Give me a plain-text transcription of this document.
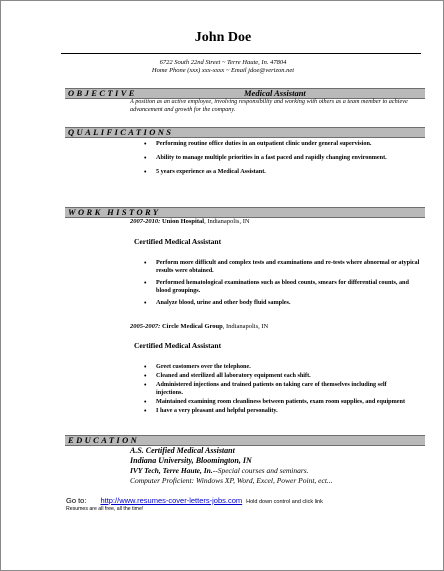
John Doe
6722 South 22nd Street ~ Terre Haute, In. 47804
Home Phone (xxx) xxx-xxxx ~ Email jdoe@verizon.net
OBJECTIVE	Medical Assistant
A position as an active employee, involving responsibility and working with others as a team member to achieve advancement and growth for the company.
QUALIFICATIONS
• Performing routine office duties in an outpatient clinic under general supervision.
• Ability to manage multiple priorities in a fast paced and rapidly changing environment.
• 5 years experience as a Medical Assistant.
WORK HISTORY
2007-2010: Union Hospital, Indianapolis, IN
Certified Medical Assistant
• Perform more difficult and complex tests and examinations and re-tests where abnormal or atypical results were obtained.
• Performed hematological examinations such as blood counts, smears for differential counts, and blood groupings.
• Analyze blood, urine and other body fluid samples.
2005-2007: Circle Medical Group, Indianapolis, IN
Certified Medical Assistant
• Greet customers over the telephone.
• Cleaned and sterilized all laboratory equipment each shift.
• Administered injections and trained patients on taking care of themselves including self injections.
• Maintained examining room cleanliness between patients, exam room supplies, and equipment
• I have a very pleasant and helpful personality.
EDUCATION
A.S. Certified Medical Assistant
Indiana University, Bloomington, IN
IVY Tech, Terre Haute, In.--Special courses and seminars.
Computer Proficient: Windows XP, Word, Excel, Power Point, ect...
Go to: http://www.resumes-cover-letters-jobs.com Hold down control and click link
Resumes are all free, all the time!
